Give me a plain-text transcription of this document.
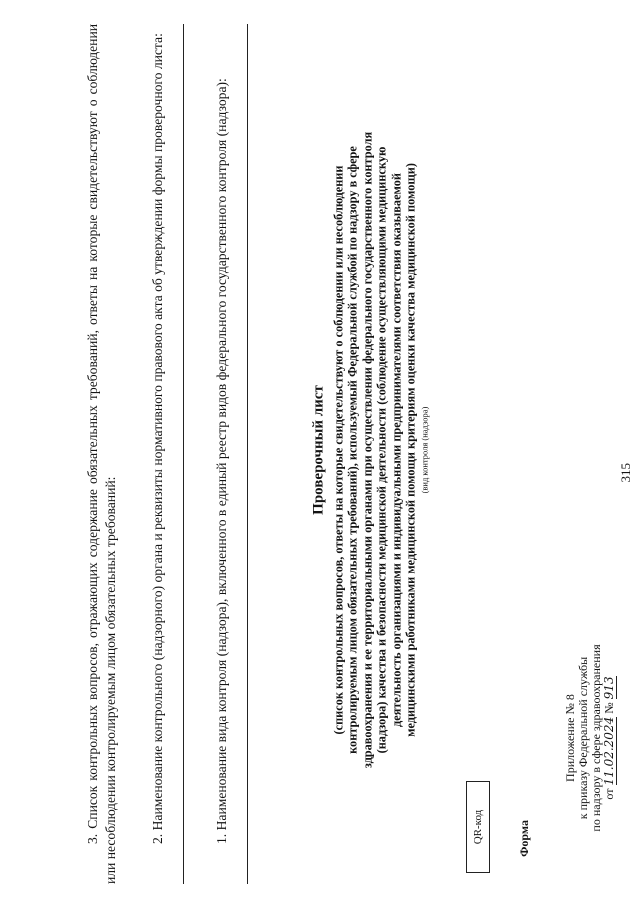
315
Приложение № 8 к приказу Федеральной службы по надзору в сфере здравоохранения от 11.02.2024 № 913
Форма
QR-код

Проверочный лист (список контрольных вопросов, ответы на которые свидетельствуют о соблюдении или несоблюдении контролируемым лицом обязательных требований), используемый Федеральной службой по надзору в сфере здравоохранения и ее территориальными органами при осуществлении федерального государственного контроля (надзора) качества и безопасности медицинской деятельности (соблюдение осуществляющими медицинскую деятельность организациями и индивидуальными предпринимателями соответствия оказываемой медицинскими работниками медицинской помощи критериям оценки качества медицинской помощи) (вид контроля (надзора)
1. Наименование вида контроля (надзора), включенного в единый реестр видов федерального государственного контроля (надзора):
2. Наименование контрольного (надзорного) органа и реквизиты нормативного правового акта об утверждении формы проверочного листа:
3. Список контрольных вопросов, отражающих содержание обязательных требований, ответы на которые свидетельствуют о соблюдении или несоблюдении контролируемым лицом обязательных требований:
